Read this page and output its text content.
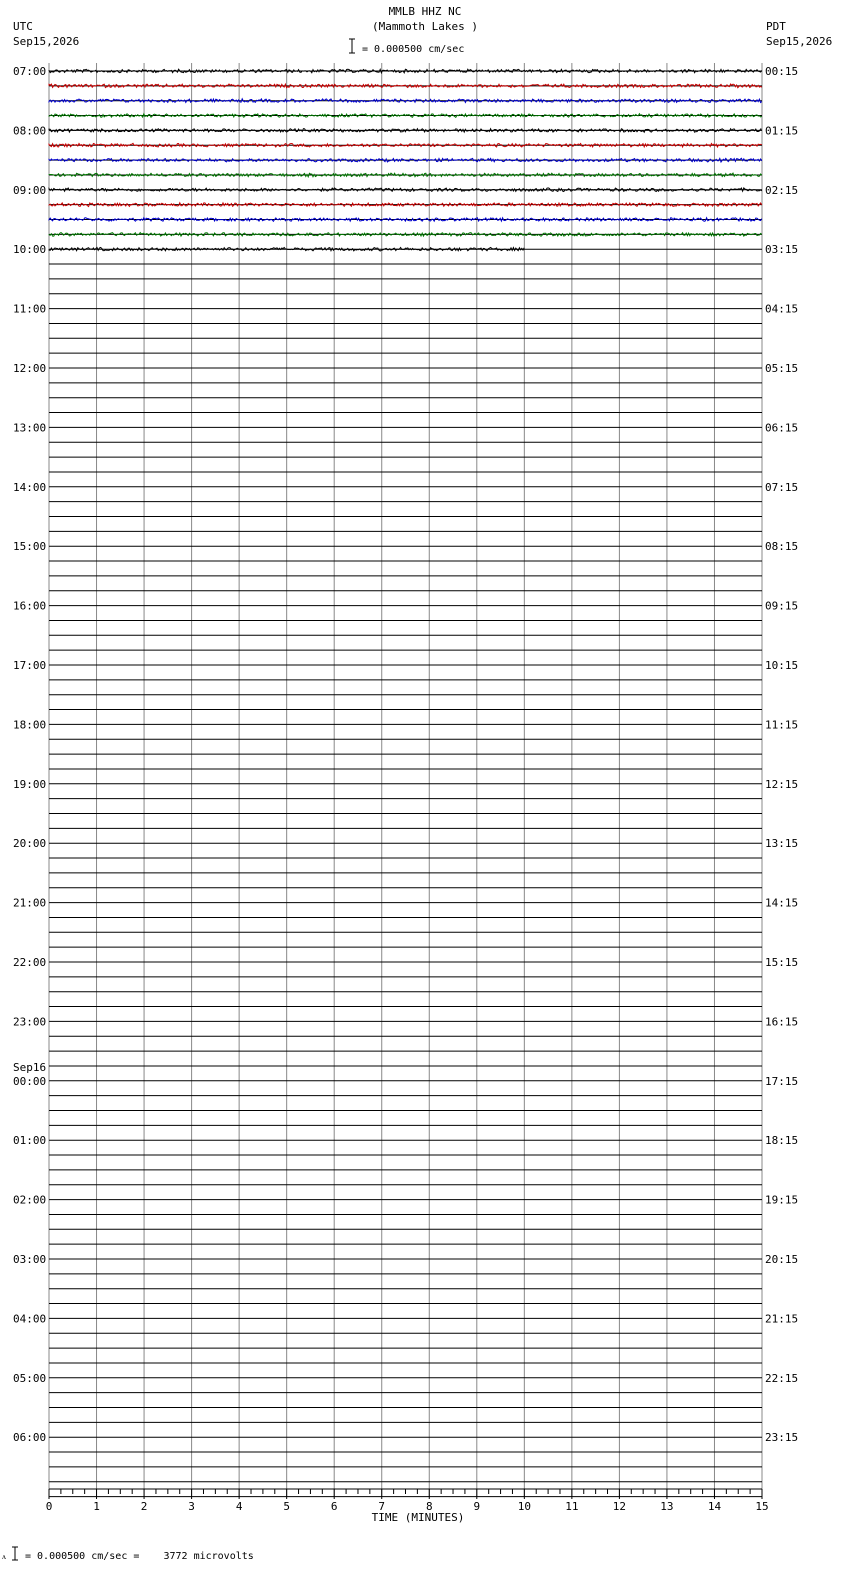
MMLB HHZ NC
(Mammoth Lakes )
UTC
Sep15,2026
PDT
Sep15,2026
= 0.000500 cm/sec
Sep16
= 0.000500 cm/sec =    3772 microvolts
ᴧ
07:00
08:00
09:00
10:00
11:00
12:00
13:00
14:00
15:00
16:00
17:00
18:00
19:00
20:00
21:00
22:00
23:00
00:00
01:00
02:00
03:00
04:00
05:00
06:00
00:15
01:15
02:15
03:15
04:15
05:15
06:15
07:15
08:15
09:15
10:15
11:15
12:15
13:15
14:15
15:15
16:15
17:15
18:15
19:15
20:15
21:15
22:15
23:15
0	1	2	3	4	5	6	7	8	9	10	11	12	13	14	15
TIME (MINUTES)
